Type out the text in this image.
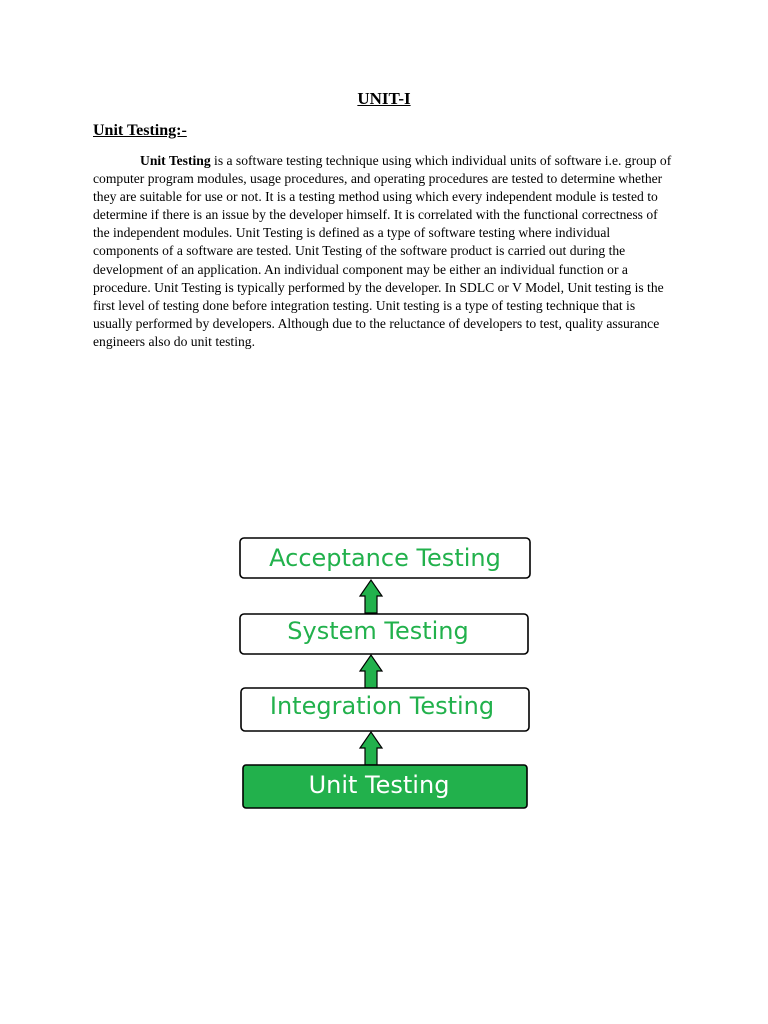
UNIT-I
Unit Testing:-

Unit Testing is a software testing technique using which individual units of software i.e. group of computer program modules, usage procedures, and operating procedures are tested to determine whether they are suitable for use or not. It is a testing method using which every independent module is tested to determine if there is an issue by the developer himself. It is correlated with the functional correctness of the independent modules. Unit Testing is defined as a type of software testing where individual components of a software are tested. Unit Testing of the software product is carried out during the development of an application. An individual component may be either an individual function or a procedure. Unit Testing is typically performed by the developer. In SDLC or V Model, Unit testing is the first level of testing done before integration testing. Unit testing is a type of testing technique that is usually performed by developers. Although due to the reluctance of developers to test, quality assurance engineers also do unit testing.

Acceptance Testing
System Testing
Integration Testing
Unit Testing
